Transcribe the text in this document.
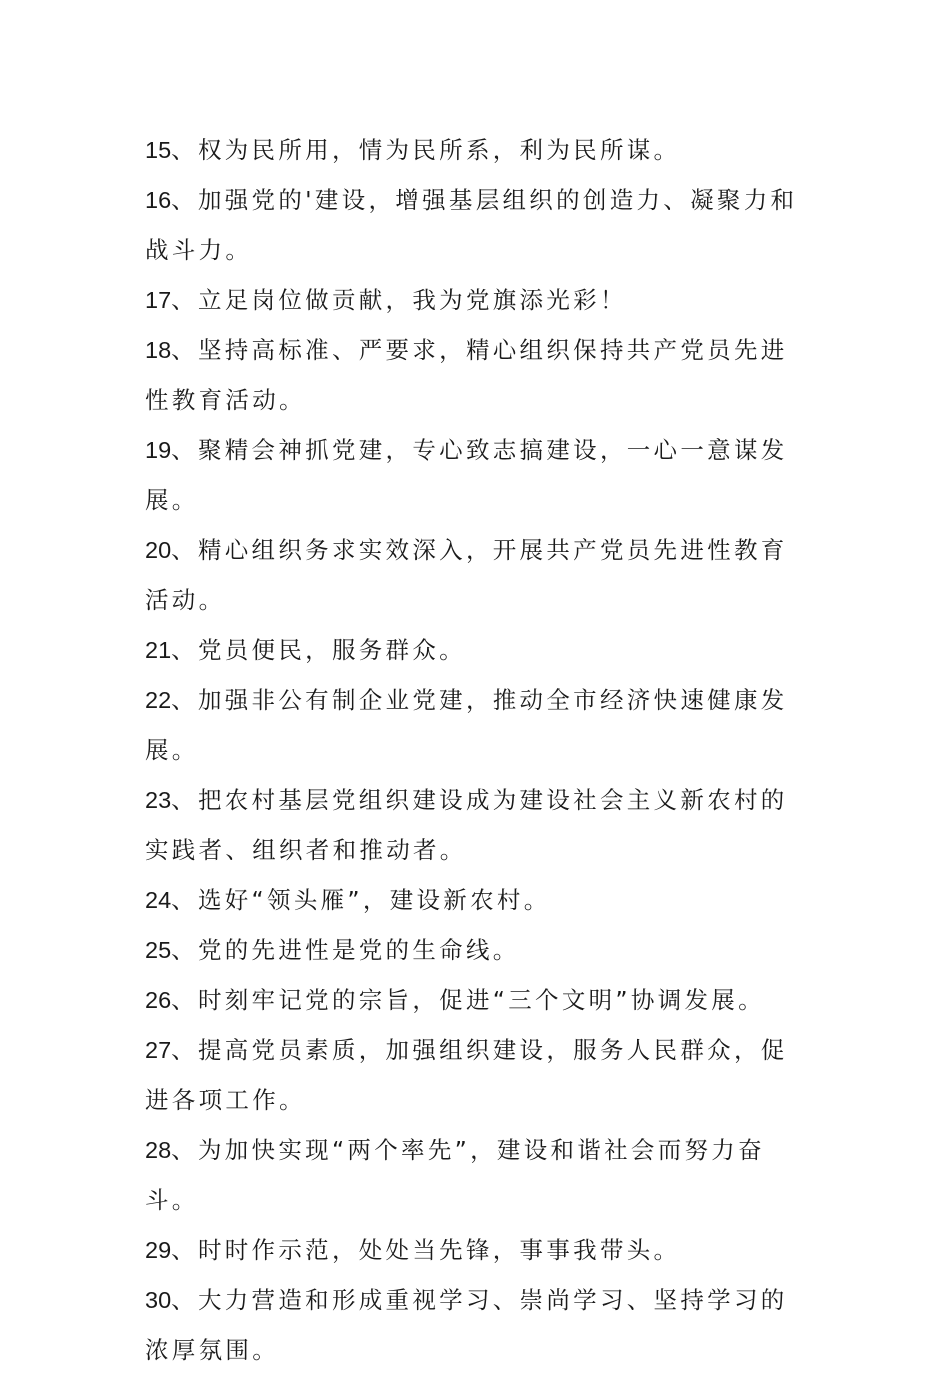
15、权为民所用，情为民所系，利为民所谋。

16、加强党的'建设，增强基层组织的创造力、凝聚力和战斗力。

17、立足岗位做贡献，我为党旗添光彩！

18、坚持高标准、严要求，精心组织保持共产党员先进性教育活动。

19、聚精会神抓党建，专心致志搞建设，一心一意谋发展。

20、精心组织务求实效深入，开展共产党员先进性教育活动。

21、党员便民，服务群众。

22、加强非公有制企业党建，推动全市经济快速健康发展。

23、把农村基层党组织建设成为建设社会主义新农村的实践者、组织者和推动者。

24、选好“领头雁”，建设新农村。

25、党的先进性是党的生命线。

26、时刻牢记党的宗旨，促进“三个文明”协调发展。

27、提高党员素质，加强组织建设，服务人民群众，促进各项工作。

28、为加快实现“两个率先”，建设和谐社会而努力奋斗。

29、时时作示范，处处当先锋，事事我带头。

30、大力营造和形成重视学习、崇尚学习、坚持学习的浓厚氛围。
